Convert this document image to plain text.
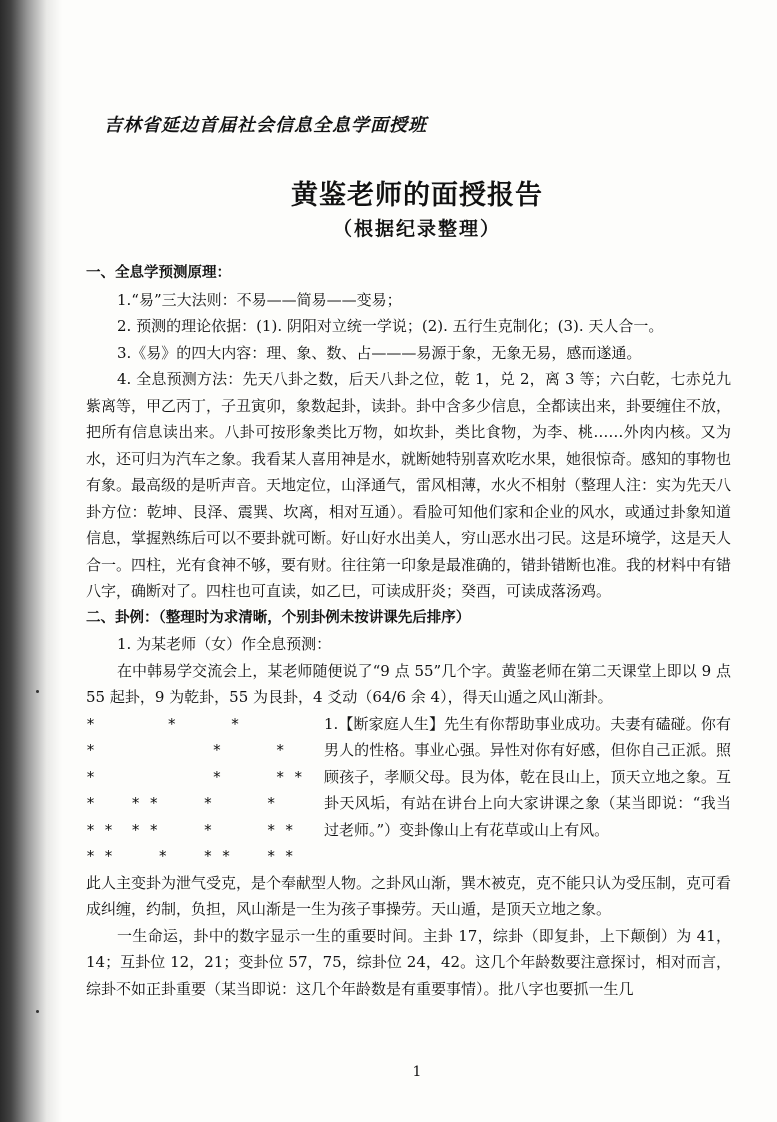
吉林省延边首届社会信息全息学面授班
黄鉴老师的面授报告
（根据纪录整理）

一、全息学预测原理：

1.“易”三大法则：不易——简易——变易；

2. 预测的理论依据：(1). 阴阳对立统一学说；(2). 五行生克制化；(3). 天人合一。

3.《易》的四大内容：理、象、数、占———易源于象，无象无易，感而遂通。

4. 全息预测方法：先天八卦之数，后天八卦之位，乾 1，兑 2，离 3 等；六白乾，七赤兑九紫离等，甲乙丙丁，子丑寅卯，象数起卦，读卦。卦中含多少信息，全都读出来，卦要缠住不放，把所有信息读出来。八卦可按形象类比万物，如坎卦，类比食物，为李、桃……外肉内核。又为水，还可归为汽车之象。我看某人喜用神是水，就断她特别喜欢吃水果，她很惊奇。感知的事物也有象。最高级的是听声音。天地定位，山泽通气，雷风相薄，水火不相射（整理人注：实为先天八卦方位：乾坤、艮泽、震巽、坎离，相对互通）。看脸可知他们家和企业的风水，或通过卦象知道信息，掌握熟练后可以不要卦就可断。好山好水出美人，穷山恶水出刁民。这是环境学，这是天人合一。四柱，光有食神不够，要有财。往往第一印象是最准确的，错卦错断也准。我的材料中有错八字，确断对了。四柱也可直读，如乙巳，可读成肝炎；癸酉，可读成落汤鸡。

二、卦例：（整理时为求清晰，个别卦例未按讲课先后排序）

1. 为某老师（女）作全息预测：

在中韩易学交流会上，某老师随便说了“9 点 55”几个字。黄鉴老师在第二天课堂上即以 9 点 55 起卦，9 为乾卦，55 为艮卦，4 爻动（64/6 余 4），得天山遁之风山渐卦。

*        *      *
*             *      *
*             *      * *
*    * *     *      *
* *  * *     *      * *
* *     *    * *    * *

1.【断家庭人生】先生有你帮助事业成功。夫妻有磕碰。你有男人的性格。事业心强。异性对你有好感，但你自己正派。照顾孩子，孝顺父母。艮为体，乾在艮山上，顶天立地之象。互卦天风垢，有站在讲台上向大家讲课之象（某当即说：“我当过老师。”）变卦像山上有花草或山上有风。

此人主变卦为泄气受克，是个奉献型人物。之卦风山渐，巽木被克，克不能只认为受压制，克可看成纠缠，约制，负担，风山渐是一生为孩子事操劳。天山遁，是顶天立地之象。

一生命运，卦中的数字显示一生的重要时间。主卦 17，综卦（即复卦，上下颠倒）为 41，14；互卦位 12，21；变卦位 57，75，综卦位 24，42。这几个年龄数要注意探讨，相对而言，综卦不如正卦重要（某当即说：这几个年龄数是有重要事情）。批八字也要抓一生几

1
